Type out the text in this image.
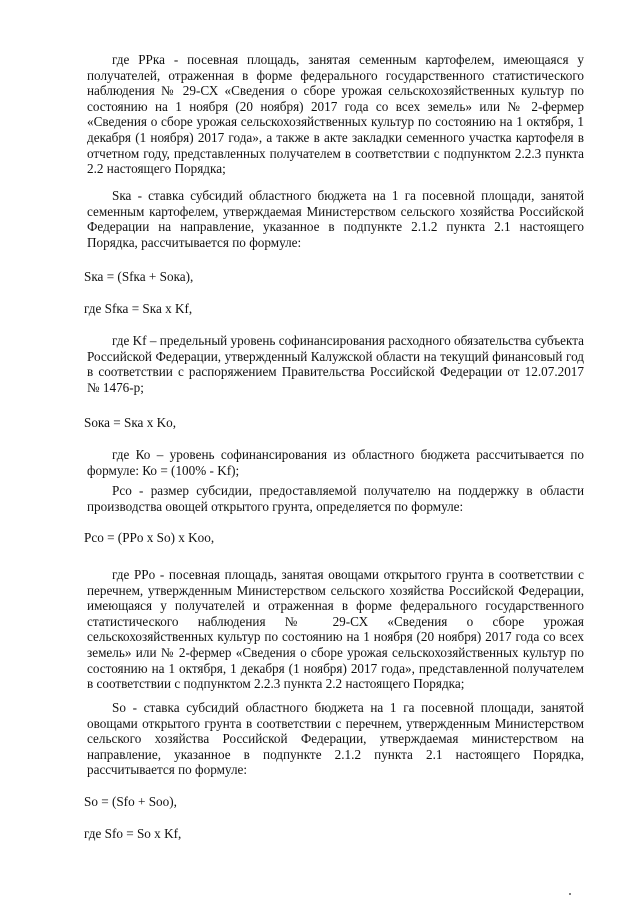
где PPка - посевная площадь, занятая семенным картофелем, имеющаяся у получателей, отраженная в форме федерального государственного статистического наблюдения № 29-СХ «Сведения о сборе урожая сельскохозяйственных культур по состоянию на 1 ноября (20 ноября) 2017 года со всех земель» или № 2-фермер «Сведения о сборе урожая сельскохозяйственных культур по состоянию на 1 октября, 1 декабря (1 ноября) 2017 года», а также в акте закладки семенного участка картофеля в отчетном году, представленных получателем в соответствии с подпунктом 2.2.3 пункта 2.2 настоящего Порядка;

Sка - ставка субсидий областного бюджета на 1 га посевной площади, занятой семенным картофелем, утверждаемая Министерством сельского хозяйства Российской Федерации на направление, указанное в подпункте 2.1.2 пункта 2.1 настоящего Порядка, рассчитывается по формуле:

Sка = (Sfка + Sока),

где Sfка = Sка х Kf,

где Kf – предельный уровень софинансирования расходного обязательства субъекта Российской Федерации, утвержденный Калужской области на текущий финансовый год в соответствии с распоряжением Правительства Российской Федерации от 12.07.2017 № 1476-р;

Sока = Sка х Kо,

где Ко – уровень софинансирования из областного бюджета рассчитывается по формуле: Ко = (100% - Kf);

Pсо - размер субсидии, предоставляемой получателю на поддержку в области производства овощей открытого грунта, определяется по формуле:

Pсо = (PPо х Sо) х Kоо,

где PPо - посевная площадь, занятая овощами открытого грунта в соответствии с перечнем, утвержденным Министерством сельского хозяйства Российской Федерации, имеющаяся у получателей и отраженная в форме федерального государственного статистического наблюдения № 29-СХ «Сведения о сборе урожая сельскохозяйственных культур по состоянию на 1 ноября (20 ноября) 2017 года со всех земель» или № 2-фермер «Сведения о сборе урожая сельскохозяйственных культур по состоянию на 1 октября, 1 декабря (1 ноября) 2017 года», представленной получателем в соответствии с подпунктом 2.2.3 пункта 2.2 настоящего Порядка;

Sо - ставка субсидий областного бюджета на 1 га посевной площади, занятой овощами открытого грунта в соответствии с перечнем, утвержденным Министерством сельского хозяйства Российской Федерации, утверждаемая министерством на направление, указанное в подпункте 2.1.2 пункта 2.1 настоящего Порядка, рассчитывается по формуле:

Sо = (Sfо + Sоо),

где Sfо = Sо х Kf,
